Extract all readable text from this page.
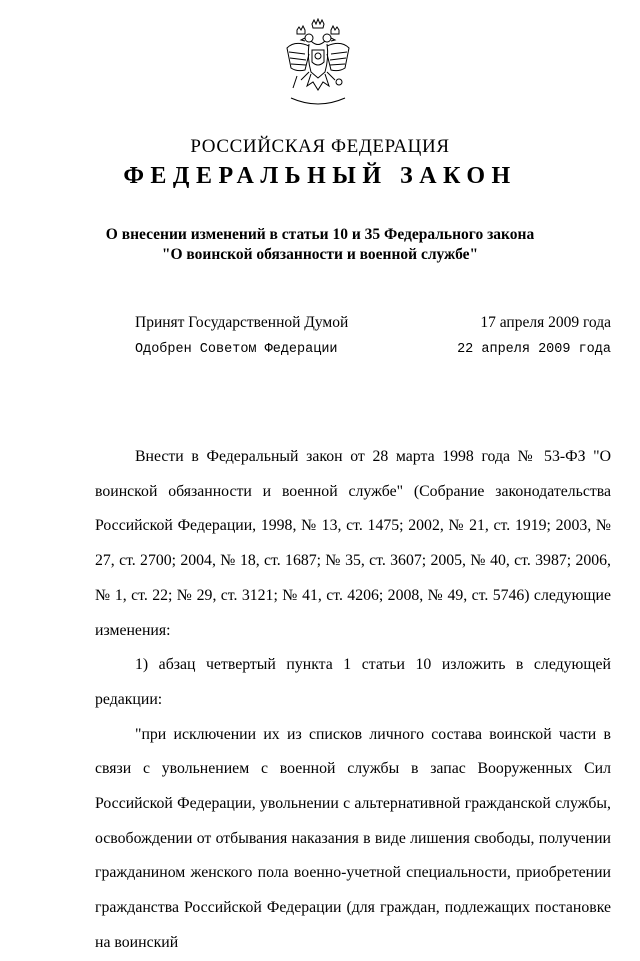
РОССИЙСКАЯ ФЕДЕРАЦИЯ
ФЕДЕРАЛЬНЫЙ ЗАКОН
О внесении изменений в статьи 10 и 35 Федерального закона
"О воинской обязанности и военной службе"
Принят Государственной Думой	17 апреля 2009 года
Одобрен Советом Федерации	22 апреля 2009 года

Внести в Федеральный закон от 28 марта 1998 года № 53-ФЗ "О воинской обязанности и военной службе" (Собрание законодательства Российской Федерации, 1998, № 13, ст. 1475; 2002, № 21, ст. 1919; 2003, № 27, ст. 2700; 2004, № 18, ст. 1687; № 35, ст. 3607; 2005, № 40, ст. 3987; 2006, № 1, ст. 22; № 29, ст. 3121; № 41, ст. 4206; 2008, № 49, ст. 5746) следующие изменения:

1) абзац четвертый пункта 1 статьи 10 изложить в следующей редакции:

"при исключении их из списков личного состава воинской части в связи с увольнением с военной службы в запас Вооруженных Сил Российской Федерации, увольнении с альтернативной гражданской службы, освобождении от отбывания наказания в виде лишения свободы, получении гражданином женского пола военно-учетной специальности, приобретении гражданства Российской Федерации (для граждан, подлежащих постановке на воинский
